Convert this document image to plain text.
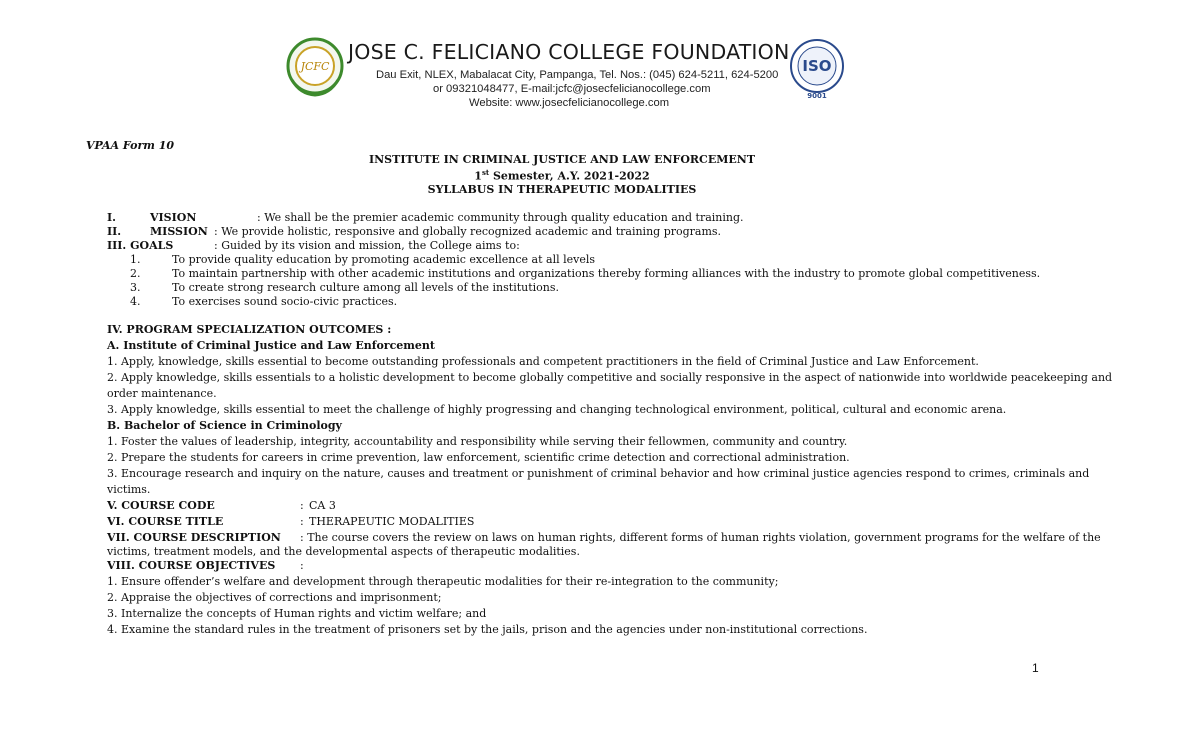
JCFC
JOSE C. FELICIANO COLLEGE FOUNDATION
Dau Exit, NLEX, Mabalacat City, Pampanga, Tel. Nos.: (045) 624-5211, 624-5200
or 09321048477, E-mail:jcfc@josecfelicianocollege.com
Website: www.josecfelicianocollege.com
ISO
9001
VPAA Form 10
INSTITUTE IN CRIMINAL JUSTICE AND LAW ENFORCEMENT
1st Semester, A.Y. 2021-2022
SYLLABUS IN THERAPEUTIC MODALITIES
I.	VISION	: We shall be the premier academic community through quality education and training.
II.	MISSION : We provide holistic, responsive and globally recognized academic and training programs.
III. GOALS	: Guided by its vision and mission, the College aims to:
1.	To provide quality education by promoting academic excellence at all levels
2.	To maintain partnership with other academic institutions and organizations thereby forming alliances with the industry to promote global competitiveness.
3.	To create strong research culture among all levels of the institutions.
4.	To exercises sound socio-civic practices.
IV. PROGRAM SPECIALIZATION OUTCOMES :
A. Institute of Criminal Justice and Law Enforcement
1. Apply, knowledge, skills essential to become outstanding professionals and competent practitioners in the field of Criminal Justice and Law Enforcement.
2. Apply knowledge, skills essentials to a holistic development to become globally competitive and socially responsive in the aspect of nationwide into worldwide peacekeeping and
order maintenance.
3. Apply knowledge, skills essential to meet the challenge of highly progressing and changing technological environment, political, cultural and economic arena.
B. Bachelor of Science in Criminology
1. Foster the values of leadership, integrity, accountability and responsibility while serving their fellowmen, community and country.
2. Prepare the students for careers in crime prevention, law enforcement, scientific crime detection and correctional administration.
3. Encourage research and inquiry on the nature, causes and treatment or punishment of criminal behavior and how criminal justice agencies respond to crimes, criminals and
victims.
V. COURSE CODE	: CA 3
VI. COURSE TITLE	: THERAPEUTIC MODALITIES
VII. COURSE DESCRIPTION : The course covers the review on laws on human rights, different forms of human rights violation, government programs for the welfare of the
victims, treatment models, and the developmental aspects of therapeutic modalities.
VIII. COURSE OBJECTIVES :
1. Ensure offender’s welfare and development through therapeutic modalities for their re-integration to the community;
2. Appraise the objectives of corrections and imprisonment;
3. Internalize the concepts of Human rights and victim welfare; and
4. Examine the standard rules in the treatment of prisoners set by the jails, prison and the agencies under non-institutional corrections.
1
